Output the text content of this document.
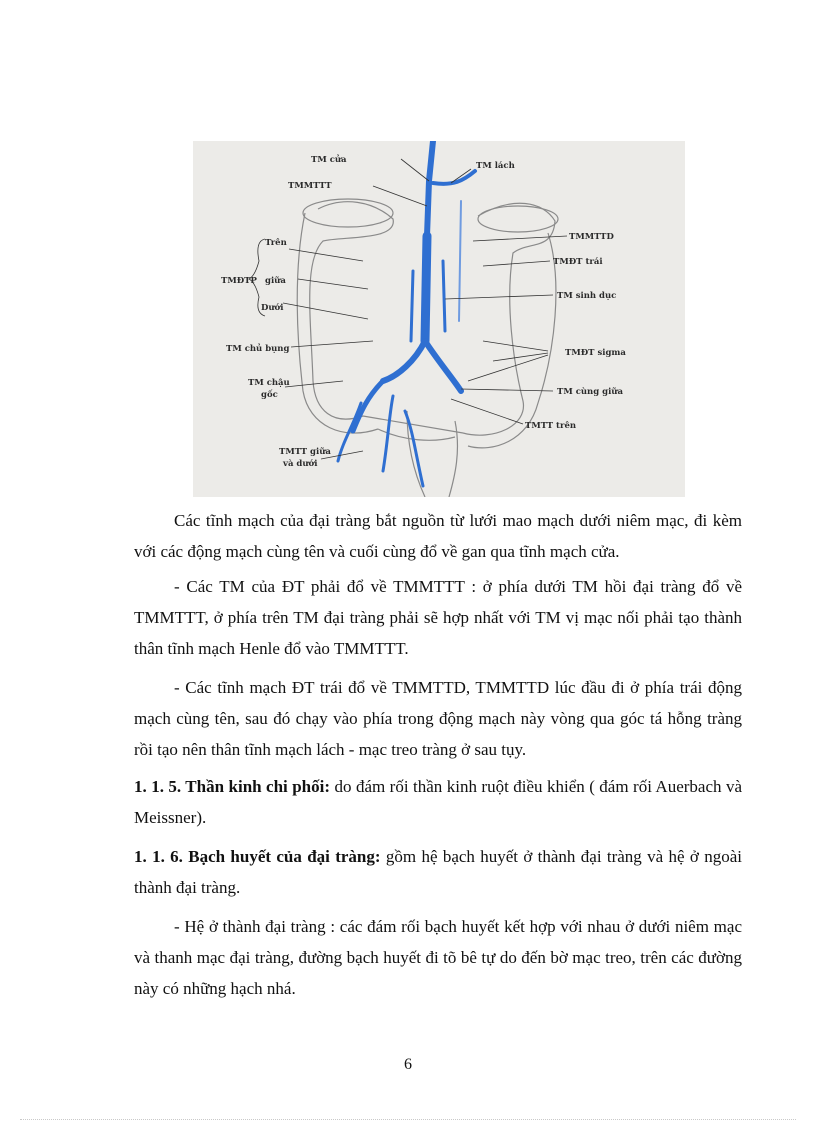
TM cửa
TM lách
TMMTTT
TMMTTD
Trên
TMĐT trái
TMĐTP giữa
TM sinh dục
Dưới
TM chủ bụng	TMĐT sigma
TM chậu
gốc	TM cùng giữa
TMTT trên
TMTT giữa
và dưới

Các tĩnh mạch của đại tràng bắt nguồn từ lưới mao mạch dưới niêm mạc, đi kèm với các động mạch cùng tên và cuối cùng đổ về gan qua tĩnh mạch cửa.

- Các TM của ĐT phải đổ về TMMTTT : ở phía dưới TM hồi đại tràng đổ về TMMTTT, ở phía trên TM đại tràng phải sẽ hợp nhất với TM vị mạc nối phải tạo thành thân tĩnh mạch Henle đổ vào TMMTTT.

- Các tĩnh mạch ĐT trái đổ về TMMTTD, TMMTTD lúc đầu đi ở phía trái động mạch cùng tên, sau đó chạy vào phía trong động mạch này vòng qua góc tá hỗng tràng rồi tạo nên thân tĩnh mạch lách - mạc treo tràng ở sau tụy.

1. 1. 5. Thần kinh chi phối: do đám rối thần kinh ruột điều khiển ( đám rối Auerbach và Meissner).

1. 1. 6. Bạch huyết của đại tràng: gồm hệ bạch huyết ở thành đại tràng và hệ ở ngoài thành đại tràng.

- Hệ ở thành đại tràng : các đám rối bạch huyết kết hợp với nhau ở dưới niêm mạc và thanh mạc đại tràng, đường bạch huyết đi tõ bê tự do đến bờ mạc treo, trên các đường này có những hạch nhá.

6
